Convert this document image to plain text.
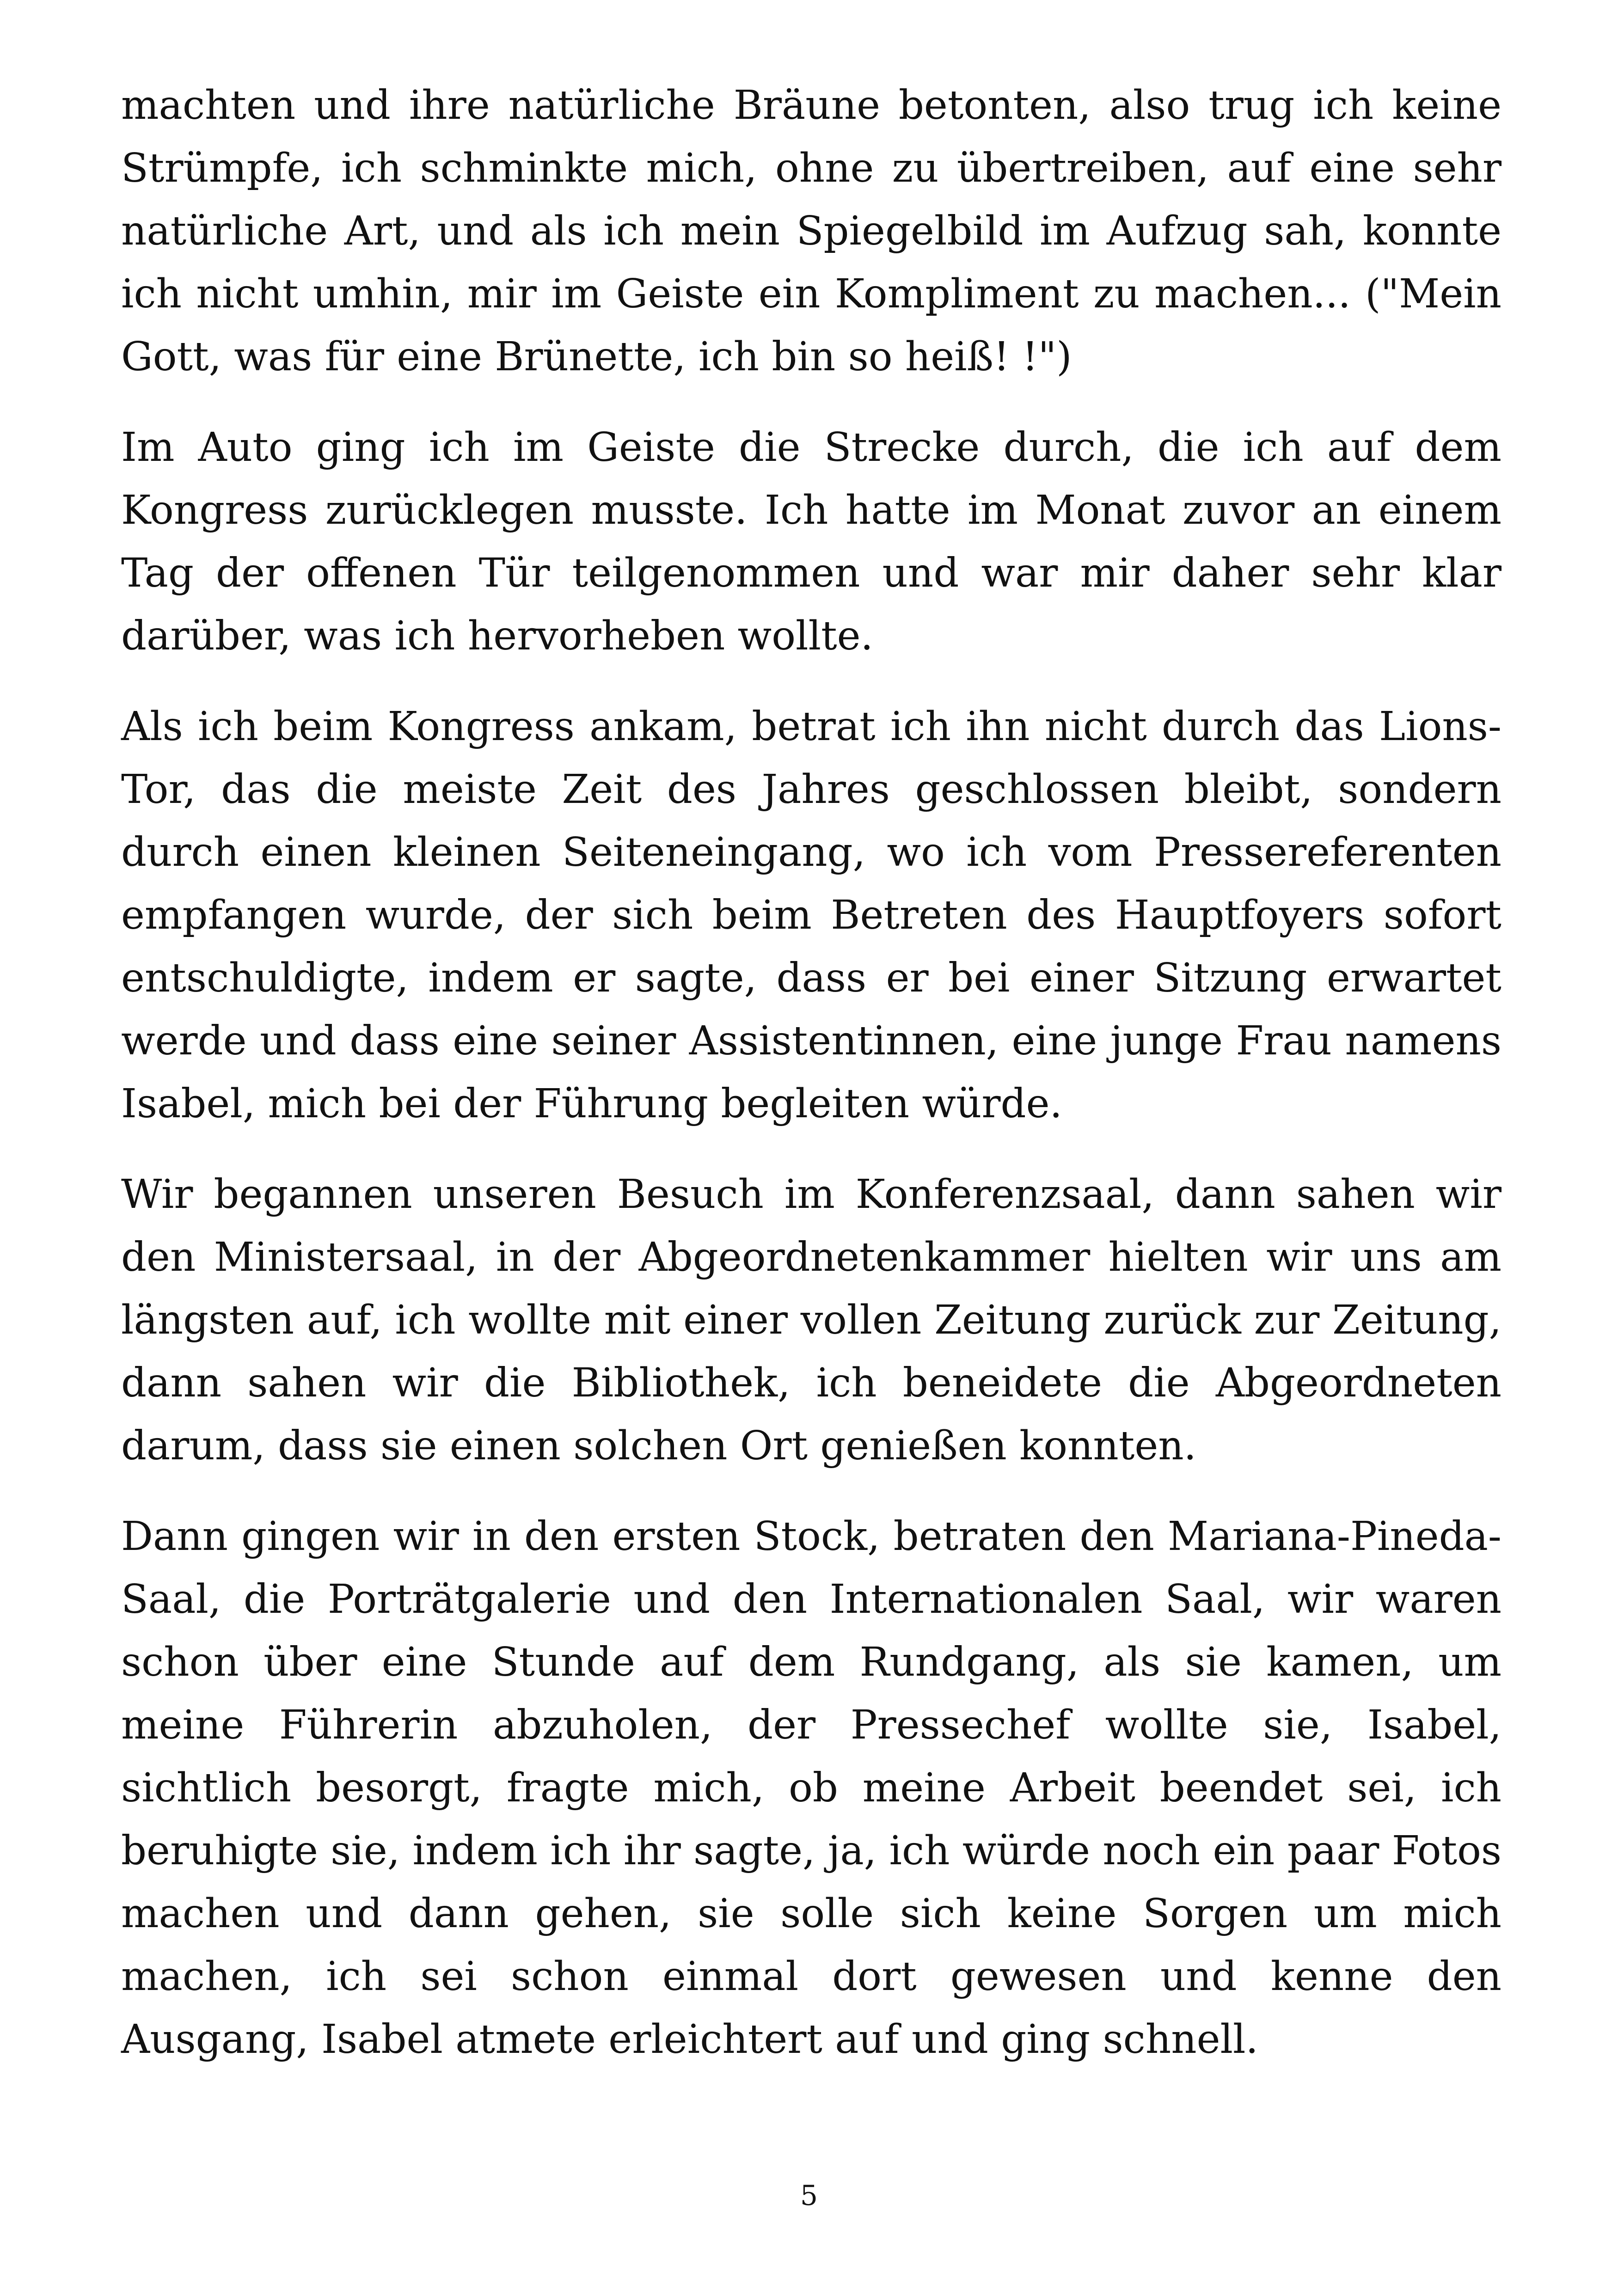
machten und ihre natürliche Bräune betonten, also trug ich keine Strümpfe, ich schminkte mich, ohne zu übertreiben, auf eine sehr natürliche Art, und als ich mein Spiegelbild im Aufzug sah, konnte ich nicht umhin, mir im Geiste ein Kompliment zu machen... ("Mein Gott, was für eine Brünette, ich bin so heiß! !")

Im Auto ging ich im Geiste die Strecke durch, die ich auf dem Kongress zurücklegen musste. Ich hatte im Monat zuvor an einem Tag der offenen Tür teilgenommen und war mir daher sehr klar darüber, was ich hervorheben wollte.

Als ich beim Kongress ankam, betrat ich ihn nicht durch das Lions-Tor, das die meiste Zeit des Jahres geschlossen bleibt, sondern durch einen kleinen Seiteneingang, wo ich vom Pressereferenten empfangen wurde, der sich beim Betreten des Hauptfoyers sofort entschuldigte, indem er sagte, dass er bei einer Sitzung erwartet werde und dass eine seiner Assistentinnen, eine junge Frau namens Isabel, mich bei der Führung begleiten würde.

Wir begannen unseren Besuch im Konferenzsaal, dann sahen wir den Ministersaal, in der Abgeordnetenkammer hielten wir uns am längsten auf, ich wollte mit einer vollen Zeitung zurück zur Zeitung, dann sahen wir die Bibliothek, ich beneidete die Abgeordneten darum, dass sie einen solchen Ort genießen konnten.

Dann gingen wir in den ersten Stock, betraten den Mariana-Pineda-Saal, die Porträtgalerie und den Internationalen Saal, wir waren schon über eine Stunde auf dem Rundgang, als sie kamen, um meine Führerin abzuholen, der Pressechef wollte sie, Isabel, sichtlich besorgt, fragte mich, ob meine Arbeit beendet sei, ich beruhigte sie, indem ich ihr sagte, ja, ich würde noch ein paar Fotos machen und dann gehen, sie solle sich keine Sorgen um mich machen, ich sei schon einmal dort gewesen und kenne den Ausgang, Isabel atmete erleichtert auf und ging schnell.

5
